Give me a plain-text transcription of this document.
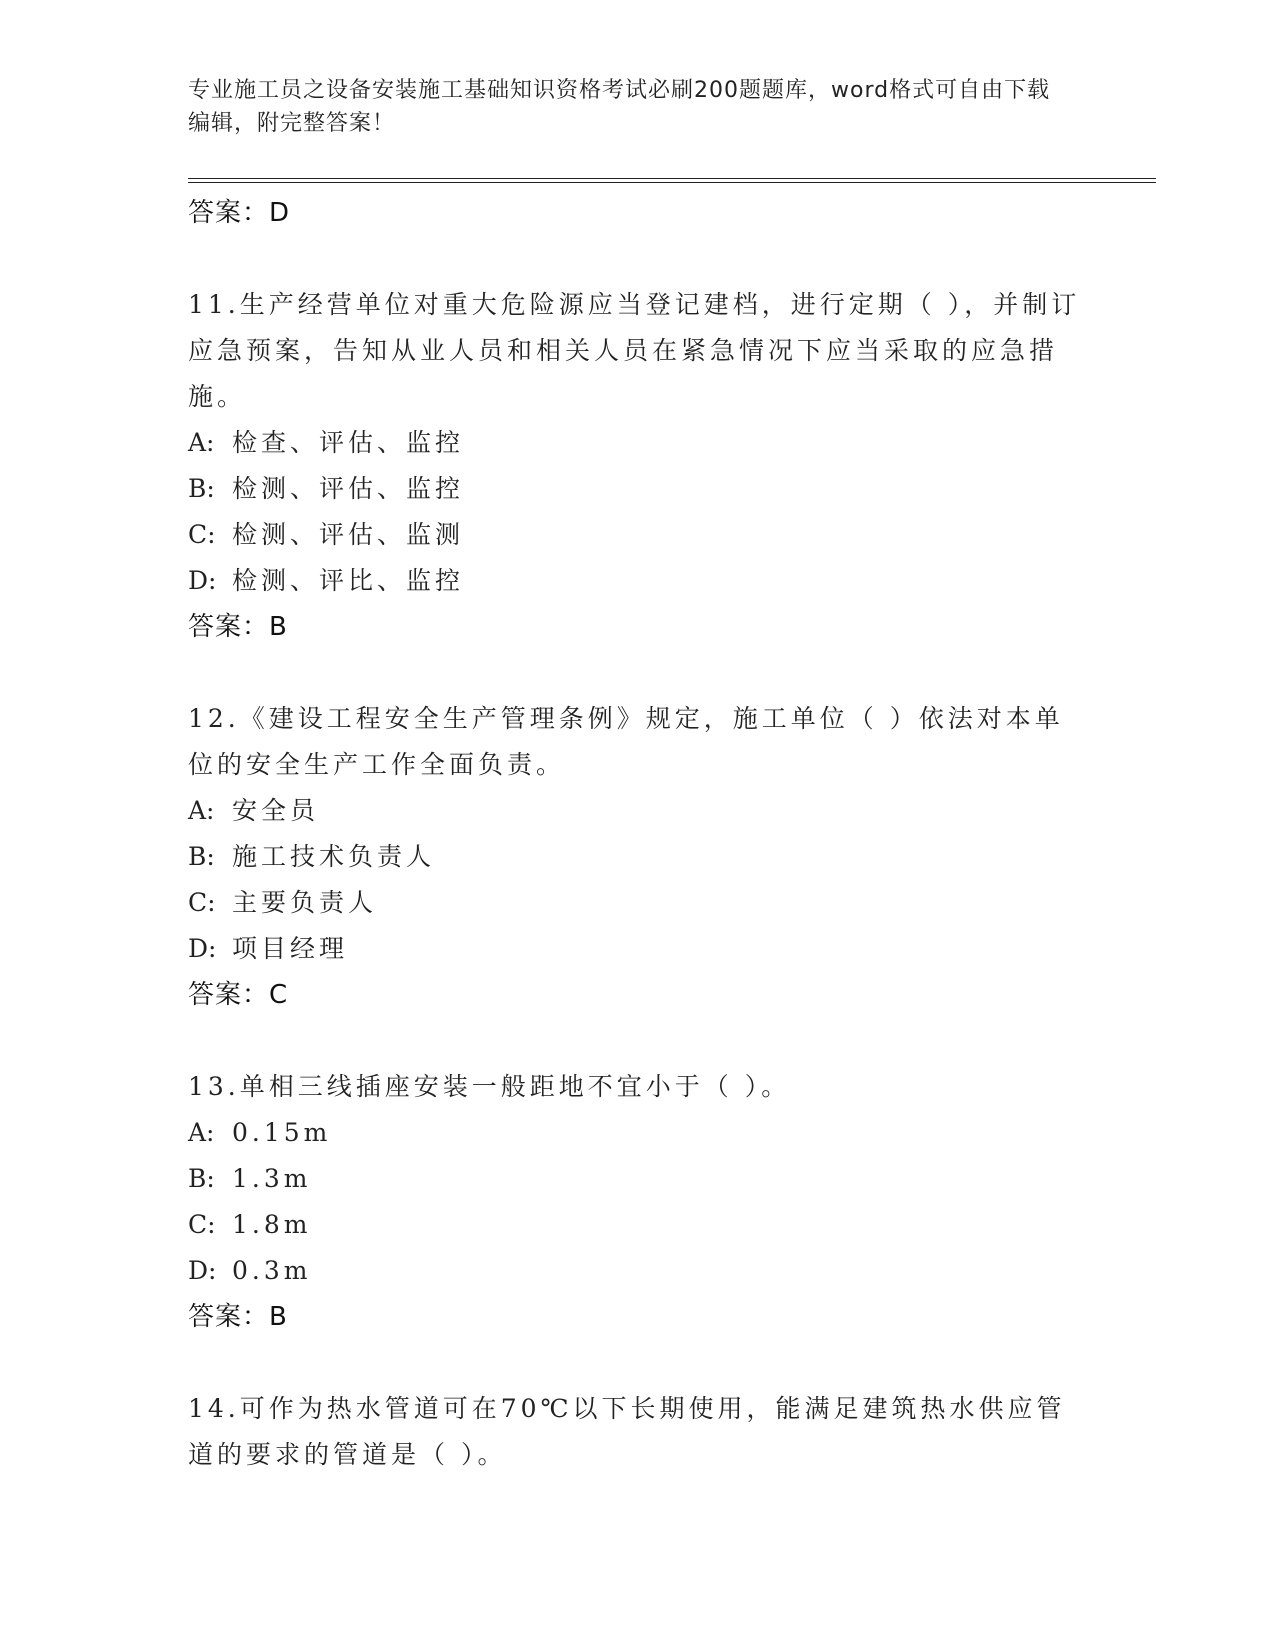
专业施工员之设备安装施工基础知识资格考试必刷200题题库，word格式可自由下载编辑，附完整答案！
答案：D
11.生产经营单位对重大危险源应当登记建档，进行定期（ ），并制订应急预案，告知从业人员和相关人员在紧急情况下应当采取的应急措施。
A: 检查、评估、监控
B: 检测、评估、监控
C: 检测、评估、监测
D: 检测、评比、监控
答案：B
12.《建设工程安全生产管理条例》规定，施工单位（ ）依法对本单位的安全生产工作全面负责。
A: 安全员
B: 施工技术负责人
C: 主要负责人
D: 项目经理
答案：C
13.单相三线插座安装一般距地不宜小于（ ）。
A: 0.15m
B: 1.3m
C: 1.8m
D: 0.3m
答案：B
14.可作为热水管道可在70℃以下长期使用，能满足建筑热水供应管道的要求的管道是（ ）。
